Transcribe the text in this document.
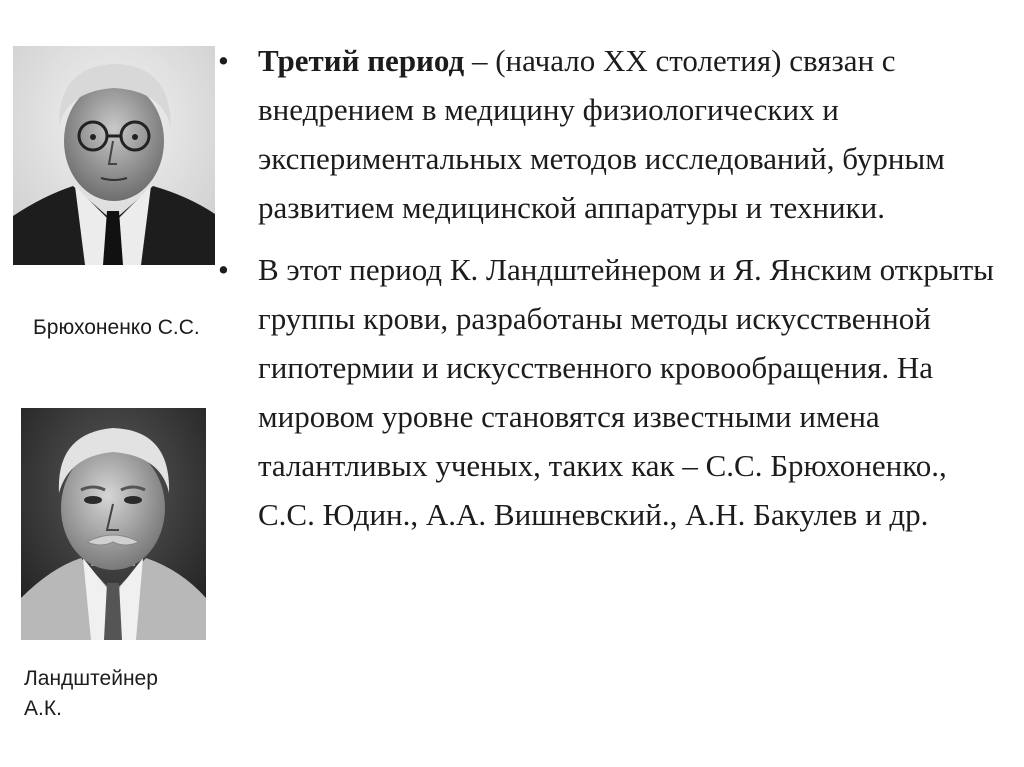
Брюхоненко С.С.
Ландштейнер
А.К.

• Третий период – (начало XX столетия) связан с внедрением в медицину физиологических и экспериментальных методов исследований, бурным развитием медицинской аппаратуры и техники.

• В этот период К. Ландштейнером и Я. Янским открыты группы крови, разработаны методы искусственной гипотермии и искусственного кровообращения. На мировом уровне становятся известными имена талантливых ученых, таких как – С.С. Брюхоненко., С.С. Юдин., А.А. Вишневский., А.Н. Бакулев и др.
